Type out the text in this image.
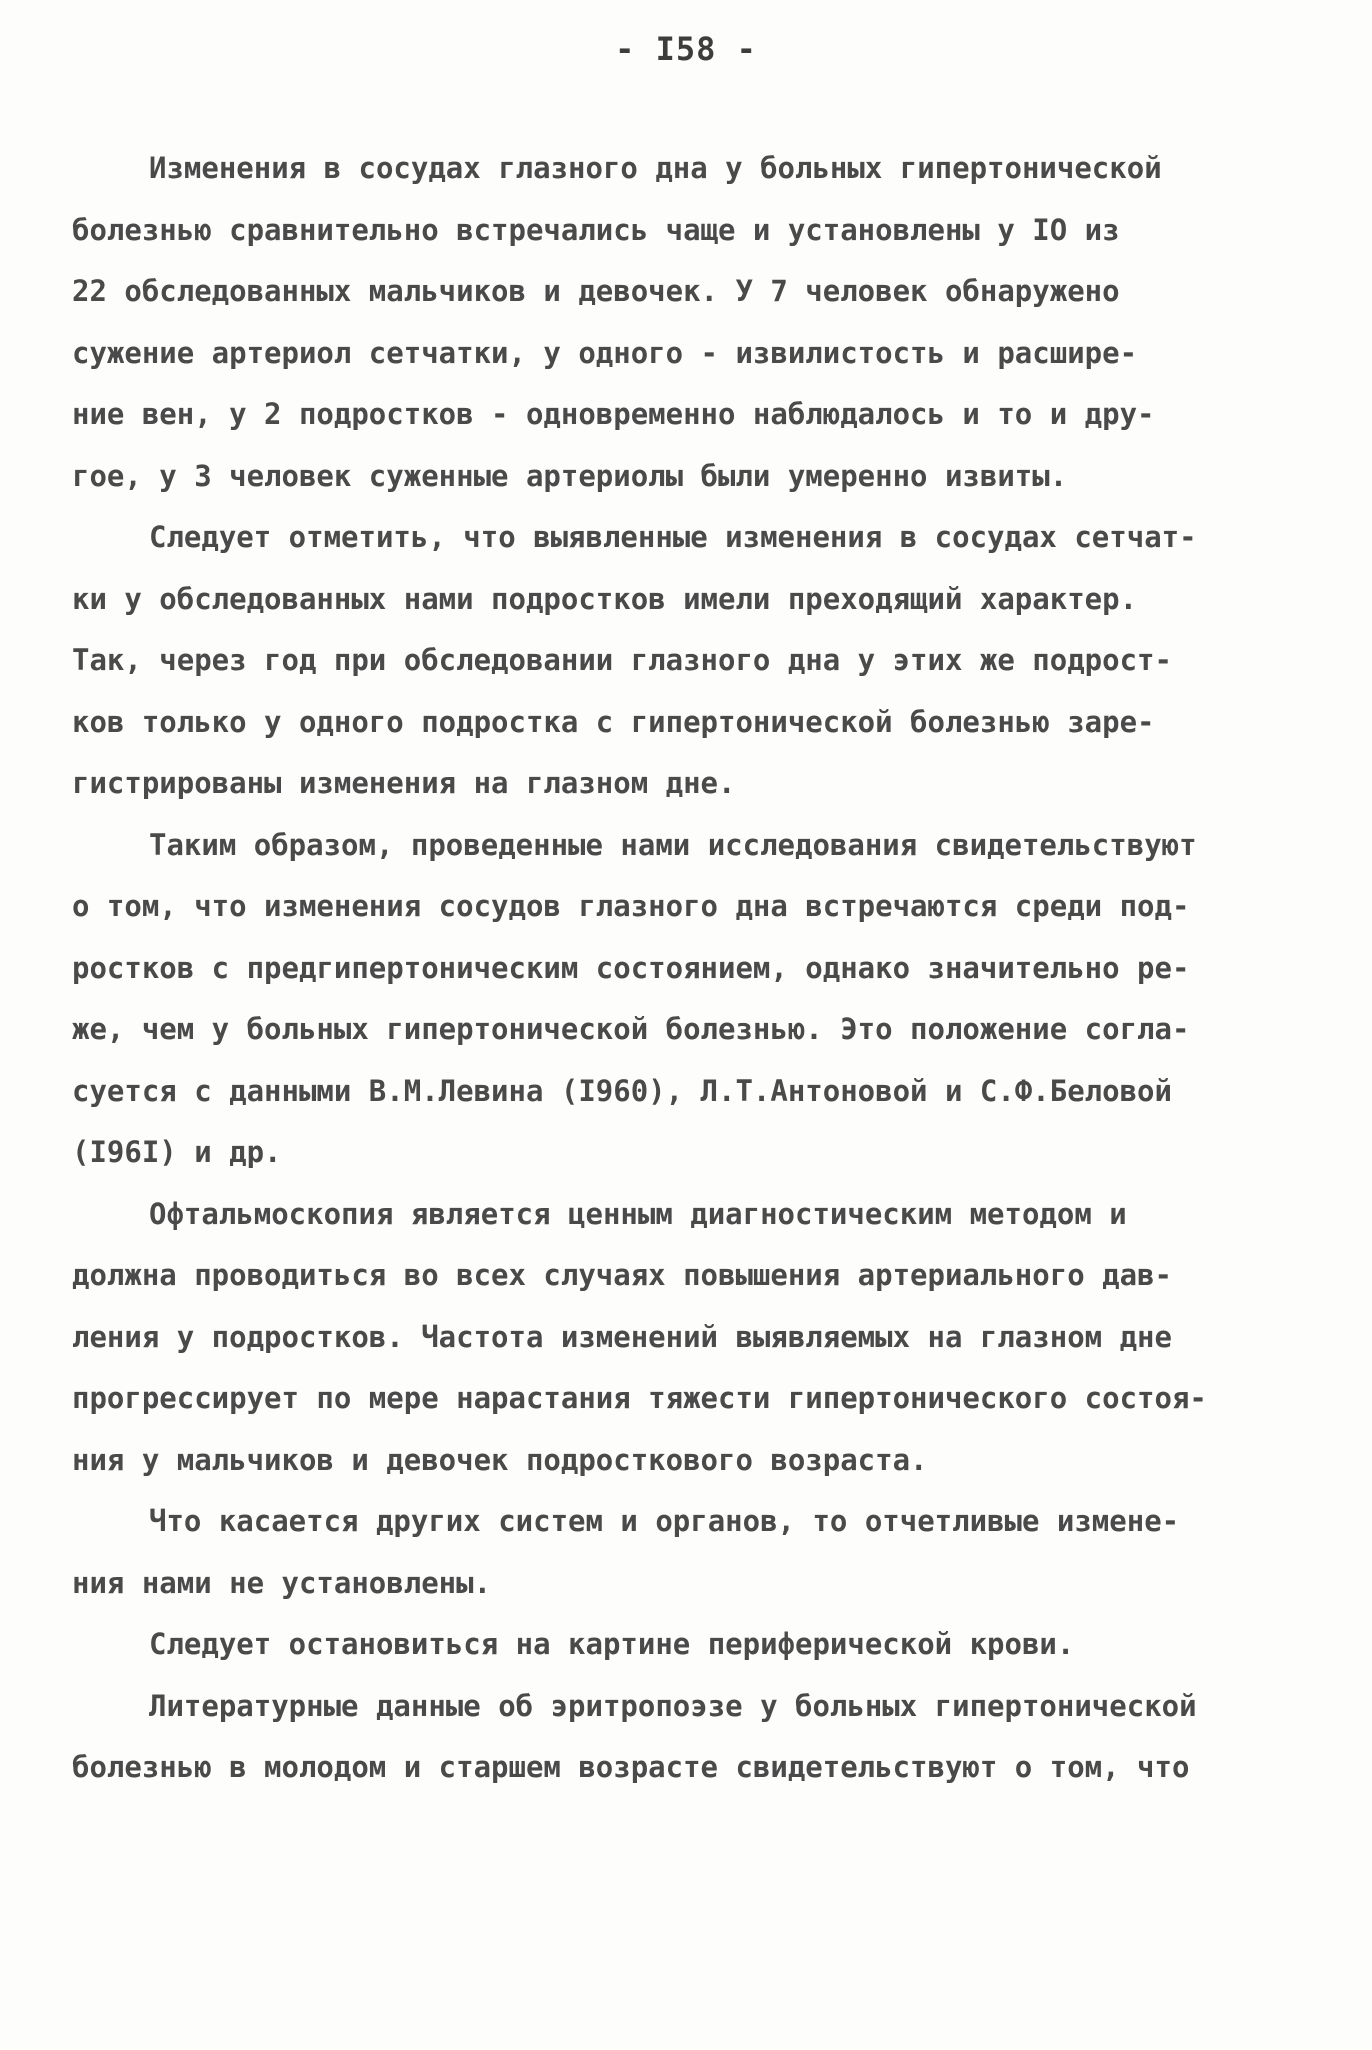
- I58 -
Изменения в сосудах глазного дна у больных гипертонической
болезнью сравнительно встречались чаще и установлены у IO из
22 обследованных мальчиков и девочек. У 7 человек обнаружено
сужение артериол сетчатки, у одного - извилистость и расшире-
ние вен, у 2 подростков - одновременно наблюдалось и то и дру-
гое, у 3 человек суженные артериолы были умеренно извиты.
Следует отметить, что выявленные изменения в сосудах сетчат-
ки у обследованных нами подростков имели преходящий характер.
Так, через год при обследовании глазного дна у этих же подрост-
ков только у одного подростка с гипертонической болезнью заре-
гистрированы изменения на глазном дне.
Таким образом, проведенные нами исследования свидетельствуют
о том, что изменения сосудов глазного дна встречаются среди под-
ростков с предгипертоническим состоянием, однако значительно ре-
же, чем у больных гипертонической болезнью. Это положение согла-
суется с данными В.М.Левина (I960), Л.Т.Антоновой и С.Ф.Беловой
(I96I) и др.
Офтальмоскопия является ценным диагностическим методом и
должна проводиться во всех случаях повышения артериального дав-
ления у подростков. Частота изменений выявляемых на глазном дне
прогрессирует по мере нарастания тяжести гипертонического состоя-
ния у мальчиков и девочек подросткового возраста.
Что касается других систем и органов, то отчетливые измене-
ния нами не установлены.
Следует остановиться на картине периферической крови.
Литературные данные об эритропоэзе у больных гипертонической
болезнью в молодом и старшем возрасте свидетельствуют о том, что
